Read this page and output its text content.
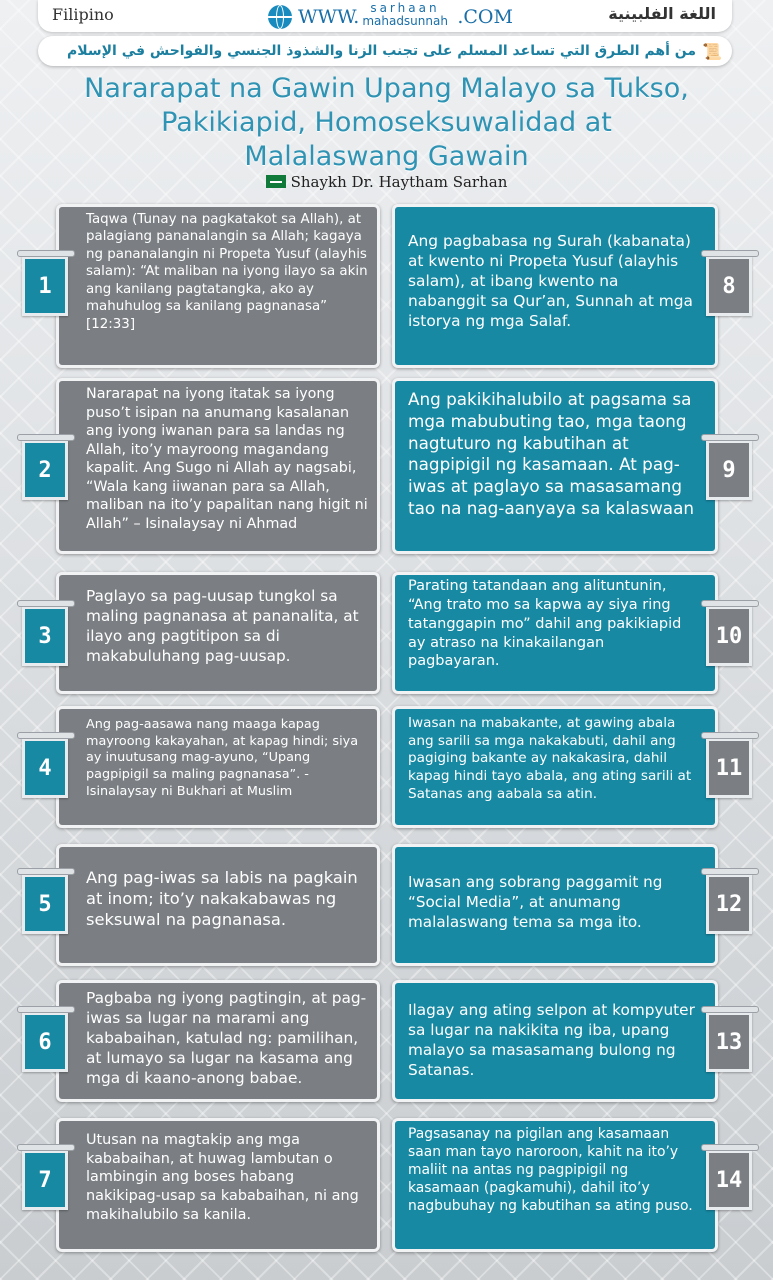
Filipino	WWW. sarhaan
mahadsunnah .COM	اللغة الفلبينية
من أهم الطرق التي تساعد المسلم على تجنب الزنا والشذوذ الجنسي والفواحش في الإسلام 📜
Nararapat na Gawin Upang Malayo sa Tukso, Pakikiapid, Homoseksuwalidad at Malalaswang Gawain
Shaykh Dr. Haytham Sarhan
Taqwa (Tunay na pagkatakot sa Allah), at palagiang pananalangin sa Allah; kagaya ng pananalangin ni Propeta Yusuf (alayhis salam): “At maliban na iyong ilayo sa akin ang kanilang pagtatangka, ako ay mahuhulog sa kanilang pagnanasa” [12:33]
1
Nararapat na iyong itatak sa iyong puso’t isipan na anumang kasalanan ang iyong iwanan para sa landas ng Allah, ito’y mayroong magandang kapalit. Ang Sugo ni Allah ay nagsabi, “Wala kang iiwanan para sa Allah, maliban na ito’y papalitan nang higit ni Allah” – Isinalaysay ni Ahmad
2
Paglayo sa pag-uusap tungkol sa maling pagnanasa at pananalita, at ilayo ang pagtitipon sa di makabuluhang pag-uusap.
3
Ang pag-aasawa nang maaga kapag mayroong kakayahan, at kapag hindi; siya ay inuutusang mag-ayuno, “Upang pagpipigil sa maling pagnanasa”. -Isinalaysay ni Bukhari at Muslim
4
Ang pag-iwas sa labis na pagkain at inom; ito’y nakakabawas ng seksuwal na pagnanasa.
5
Pagbaba ng iyong pagtingin, at pag-iwas sa lugar na marami ang kababaihan, katulad ng: pamilihan, at lumayo sa lugar na kasama ang mga di kaano-anong babae.
6
Utusan na magtakip ang mga kababaihan, at huwag lambutan o lambingin ang boses habang nakikipag-usap sa kababaihan, ni ang makihalubilo sa kanila.
7
Ang pagbabasa ng Surah (kabanata) at kwento ni Propeta Yusuf (alayhis salam), at ibang kwento na nabanggit sa Qur’an, Sunnah at mga istorya ng mga Salaf.
8
Ang pakikihalubilo at pagsama sa mga mabubuting tao, mga taong nagtuturo ng kabutihan at nagpipigil ng kasamaan. At pag-iwas at paglayo sa masasamang tao na nag-aanyaya sa kalaswaan
9
Parating tatandaan ang alituntunin, “Ang trato mo sa kapwa ay siya ring tatanggapin mo” dahil ang pakikiapid ay atraso na kinakailangan pagbayaran.
10
Iwasan na mabakante, at gawing abala ang sarili sa mga nakakabuti, dahil ang pagiging bakante ay nakakasira, dahil kapag hindi tayo abala, ang ating sarili at Satanas ang aabala sa atin.
11
Iwasan ang sobrang paggamit ng “Social Media”, at anumang malalaswang tema sa mga ito.
12
Ilagay ang ating selpon at kompyuter sa lugar na nakikita ng iba, upang malayo sa masasamang bulong ng Satanas.
13
Pagsasanay na pigilan ang kasamaan saan man tayo naroroon, kahit na ito’y maliit na antas ng pagpipigil ng kasamaan (pagkamuhi), dahil ito’y nagbubuhay ng kabutihan sa ating puso.
14
